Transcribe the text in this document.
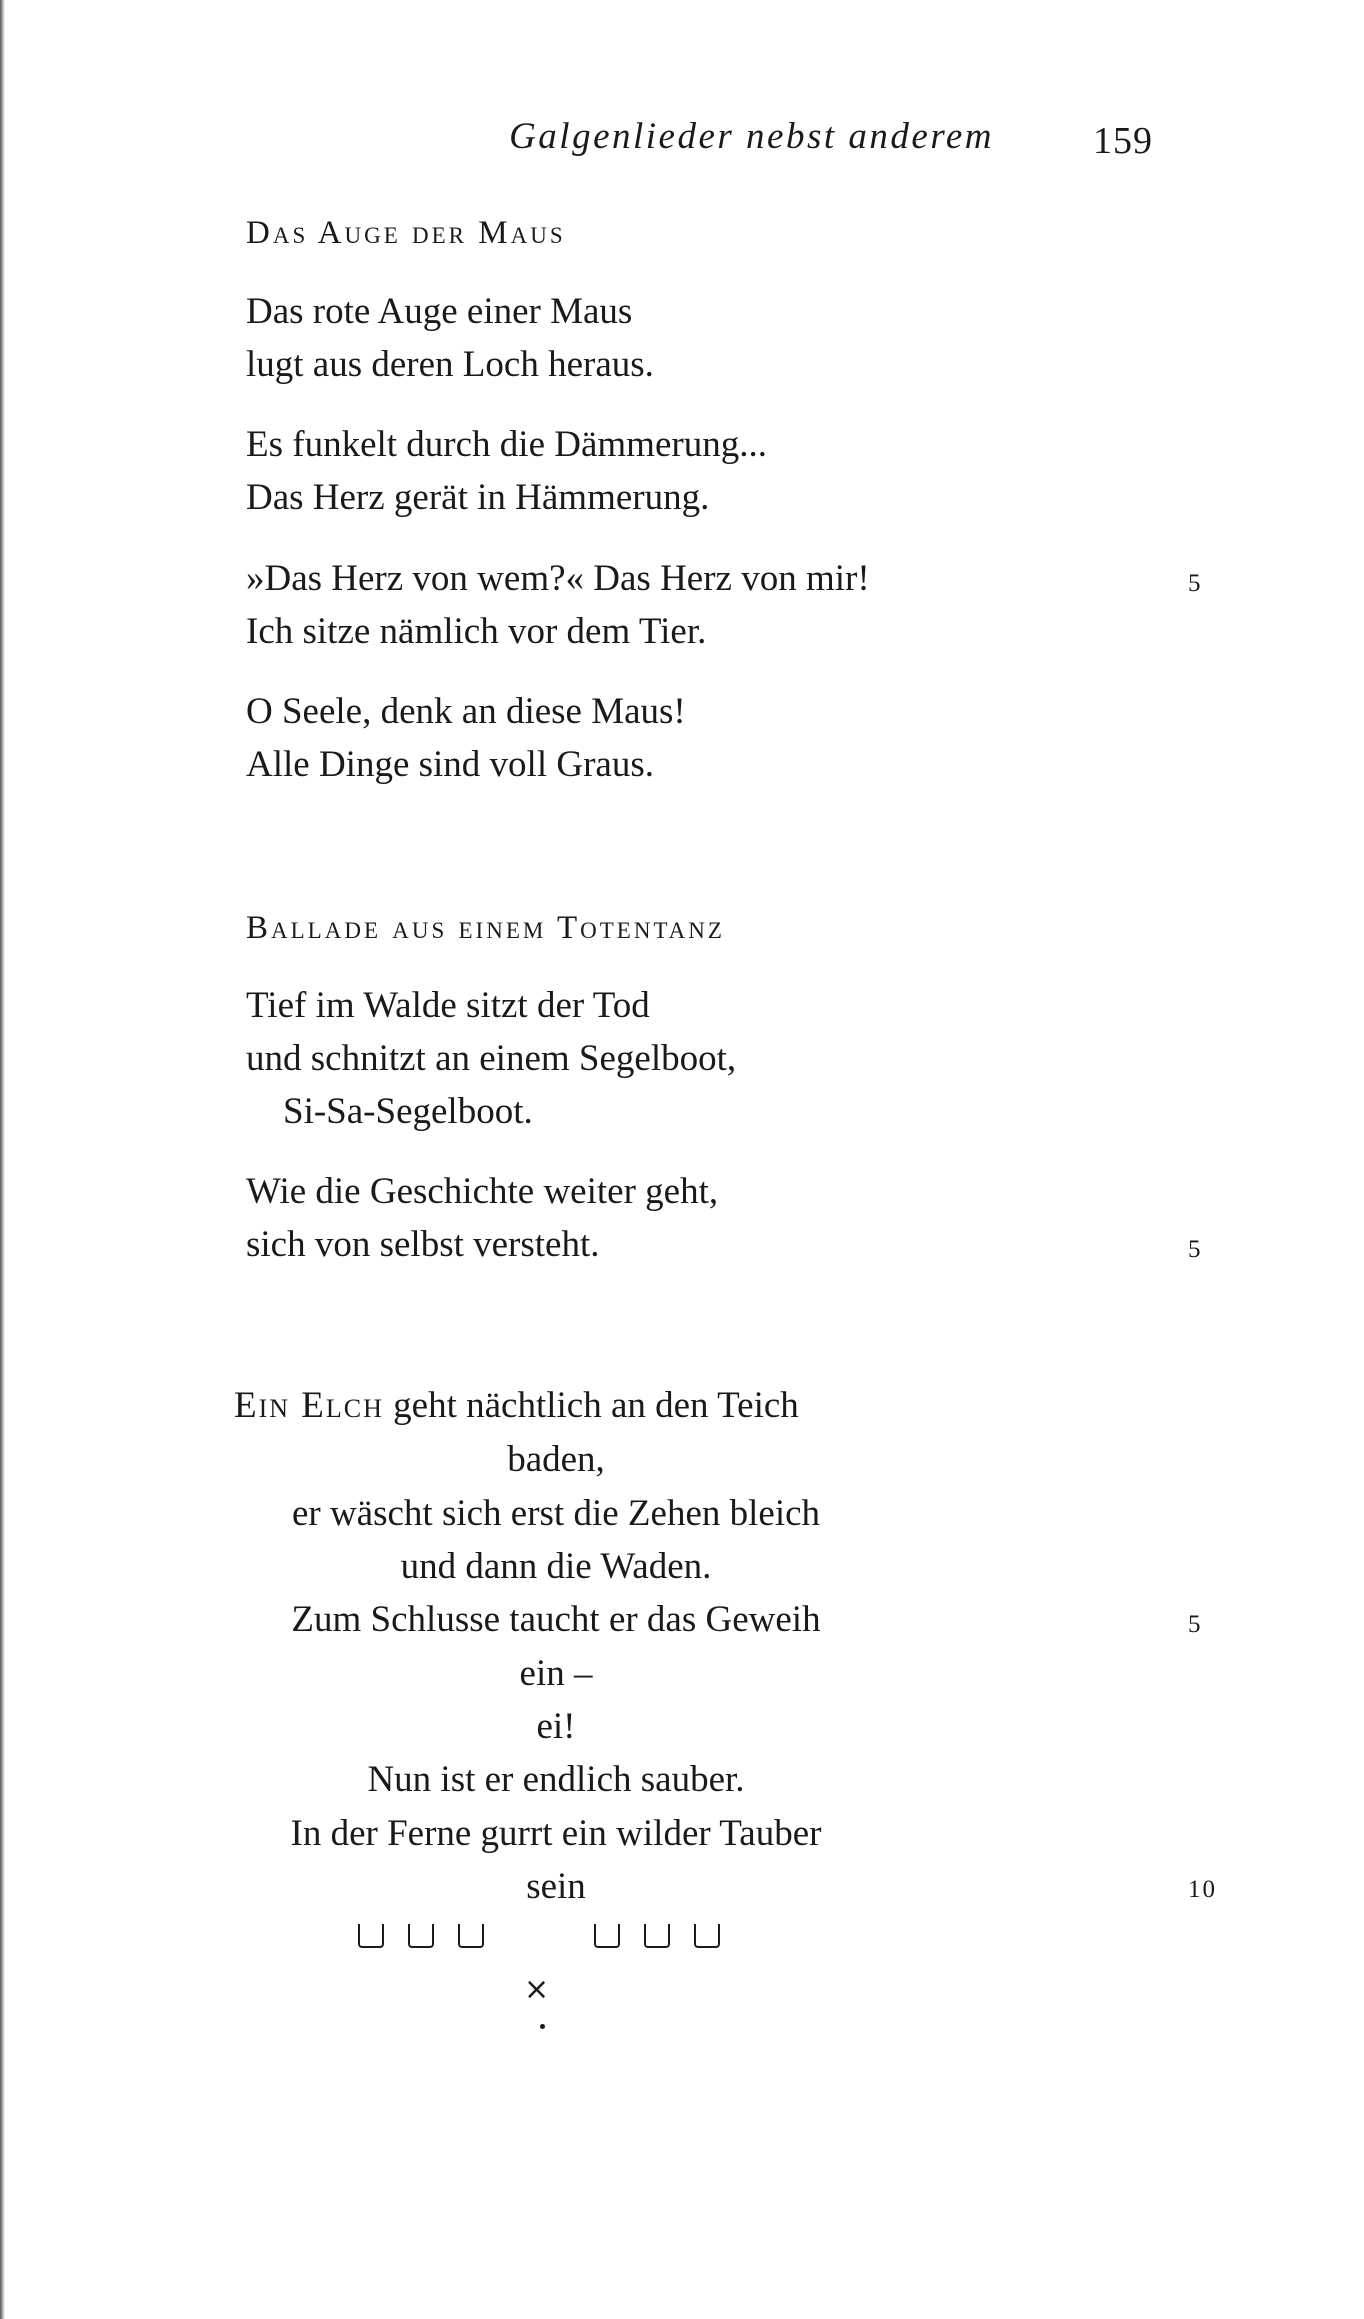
Galgenlieder nebst anderem	159
Das Auge der Maus
Das rote Auge einer Maus
lugt aus deren Loch heraus.
Es funkelt durch die Dämmerung...
Das Herz gerät in Hämmerung.
»Das Herz von wem?« Das Herz von mir!	5
Ich sitze nämlich vor dem Tier.
O Seele, denk an diese Maus!
Alle Dinge sind voll Graus.
Ballade aus einem Totentanz
Tief im Walde sitzt der Tod
und schnitzt an einem Segelboot,
Si-Sa-Segelboot.
Wie die Geschichte weiter geht,
sich von selbst versteht.	5
Ein Elch geht nächtlich an den Teich
baden,
er wäscht sich erst die Zehen bleich
und dann die Waden.
Zum Schlusse taucht er das Geweih	5
ein –
ei!
Nun ist er endlich sauber.
In der Ferne gurrt ein wilder Tauber
sein	10
×
